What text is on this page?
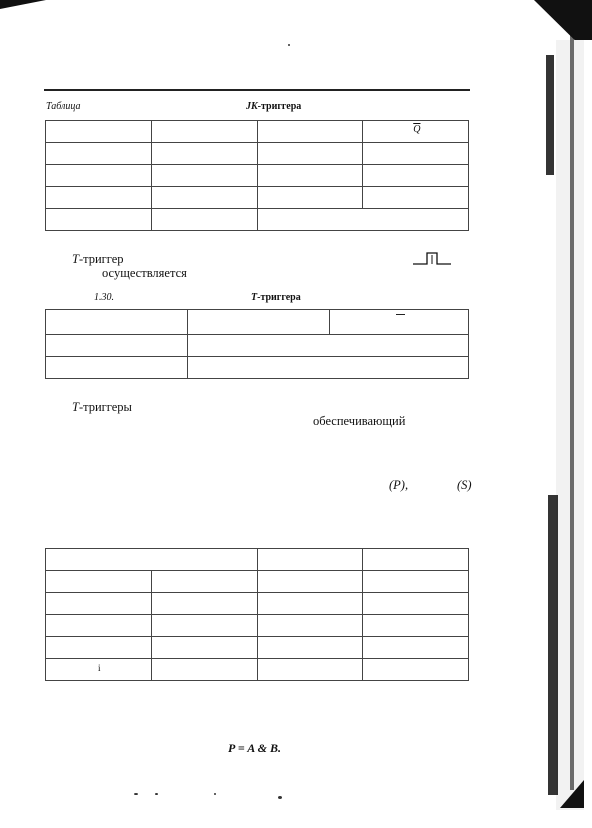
Таблица	JK-триггера

			$\overline{Q}$

T-триггер
осуществляется
1.30.	T-триггера

T-триггеры
обеспечивающий
(P),	(S)

i			

P = A & B.
